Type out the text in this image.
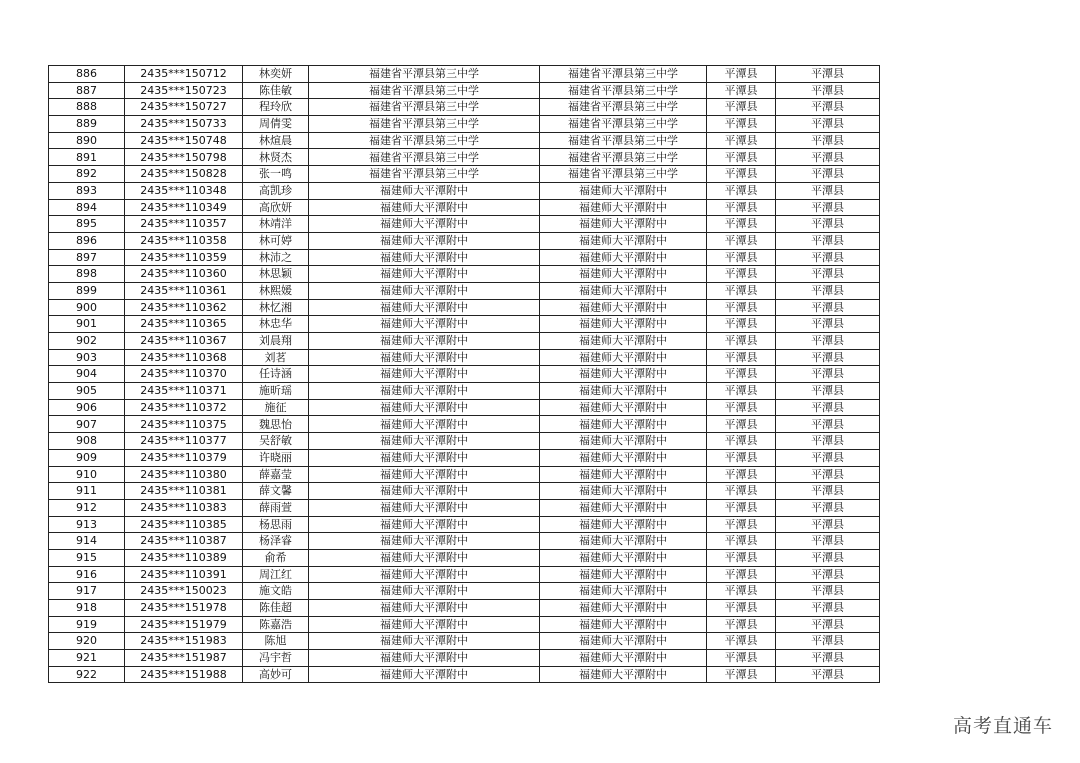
886	2435***150712	林奕妍	福建省平潭县第三中学	福建省平潭县第三中学	平潭县	平潭县
887	2435***150723	陈佳敏	福建省平潭县第三中学	福建省平潭县第三中学	平潭县	平潭县
888	2435***150727	程玲欣	福建省平潭县第三中学	福建省平潭县第三中学	平潭县	平潭县
889	2435***150733	周倩雯	福建省平潭县第三中学	福建省平潭县第三中学	平潭县	平潭县
890	2435***150748	林煊晨	福建省平潭县第三中学	福建省平潭县第三中学	平潭县	平潭县
891	2435***150798	林贤杰	福建省平潭县第三中学	福建省平潭县第三中学	平潭县	平潭县
892	2435***150828	张一鸣	福建省平潭县第三中学	福建省平潭县第三中学	平潭县	平潭县
893	2435***110348	高凯珍	福建师大平潭附中	福建师大平潭附中	平潭县	平潭县
894	2435***110349	高欣妍	福建师大平潭附中	福建师大平潭附中	平潭县	平潭县
895	2435***110357	林靖洋	福建师大平潭附中	福建师大平潭附中	平潭县	平潭县
896	2435***110358	林可婷	福建师大平潭附中	福建师大平潭附中	平潭县	平潭县
897	2435***110359	林沛之	福建师大平潭附中	福建师大平潭附中	平潭县	平潭县
898	2435***110360	林思颖	福建师大平潭附中	福建师大平潭附中	平潭县	平潭县
899	2435***110361	林熙媛	福建师大平潭附中	福建师大平潭附中	平潭县	平潭县
900	2435***110362	林忆湘	福建师大平潭附中	福建师大平潭附中	平潭县	平潭县
901	2435***110365	林忠华	福建师大平潭附中	福建师大平潭附中	平潭县	平潭县
902	2435***110367	刘晨翔	福建师大平潭附中	福建师大平潭附中	平潭县	平潭县
903	2435***110368	刘茗	福建师大平潭附中	福建师大平潭附中	平潭县	平潭县
904	2435***110370	任诗涵	福建师大平潭附中	福建师大平潭附中	平潭县	平潭县
905	2435***110371	施昕瑶	福建师大平潭附中	福建师大平潭附中	平潭县	平潭县
906	2435***110372	施征	福建师大平潭附中	福建师大平潭附中	平潭县	平潭县
907	2435***110375	魏思怡	福建师大平潭附中	福建师大平潭附中	平潭县	平潭县
908	2435***110377	吴舒敏	福建师大平潭附中	福建师大平潭附中	平潭县	平潭县
909	2435***110379	许晓丽	福建师大平潭附中	福建师大平潭附中	平潭县	平潭县
910	2435***110380	薛嘉莹	福建师大平潭附中	福建师大平潭附中	平潭县	平潭县
911	2435***110381	薛文馨	福建师大平潭附中	福建师大平潭附中	平潭县	平潭县
912	2435***110383	薛雨萱	福建师大平潭附中	福建师大平潭附中	平潭县	平潭县
913	2435***110385	杨思雨	福建师大平潭附中	福建师大平潭附中	平潭县	平潭县
914	2435***110387	杨泽睿	福建师大平潭附中	福建师大平潭附中	平潭县	平潭县
915	2435***110389	俞希	福建师大平潭附中	福建师大平潭附中	平潭县	平潭县
916	2435***110391	周江红	福建师大平潭附中	福建师大平潭附中	平潭县	平潭县
917	2435***150023	施文皓	福建师大平潭附中	福建师大平潭附中	平潭县	平潭县
918	2435***151978	陈佳超	福建师大平潭附中	福建师大平潭附中	平潭县	平潭县
919	2435***151979	陈嘉浩	福建师大平潭附中	福建师大平潭附中	平潭县	平潭县
920	2435***151983	陈旭	福建师大平潭附中	福建师大平潭附中	平潭县	平潭县
921	2435***151987	冯宇哲	福建师大平潭附中	福建师大平潭附中	平潭县	平潭县
922	2435***151988	高妙可	福建师大平潭附中	福建师大平潭附中	平潭县	平潭县
高考直通车
